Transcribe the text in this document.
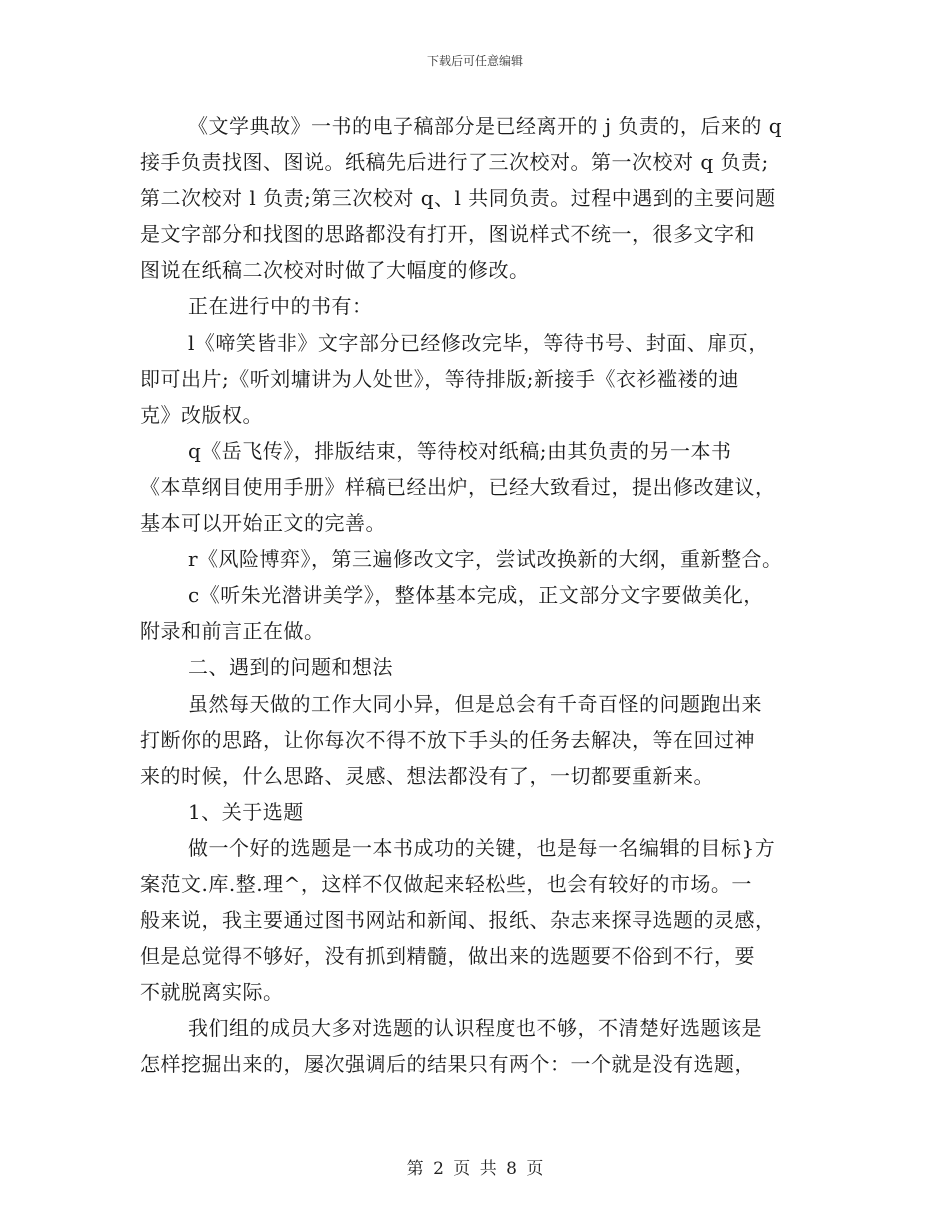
下载后可任意编辑
《文学典故》一书的电子稿部分是已经离开的 j 负责的，后来的 q
接手负责找图、图说。纸稿先后进行了三次校对。第一次校对 q 负责;
第二次校对 l 负责;第三次校对 q、l 共同负责。过程中遇到的主要问题
是文字部分和找图的思路都没有打开，图说样式不统一，很多文字和
图说在纸稿二次校对时做了大幅度的修改。
正在进行中的书有：
l《啼笑皆非》文字部分已经修改完毕，等待书号、封面、扉页，
即可出片;《听刘墉讲为人处世》，等待排版;新接手《衣衫褴褛的迪
克》改版权。
q《岳飞传》，排版结束，等待校对纸稿;由其负责的另一本书
《本草纲目使用手册》样稿已经出炉，已经大致看过，提出修改建议，
基本可以开始正文的完善。
r《风险博弈》，第三遍修改文字，尝试改换新的大纲，重新整合。
c《听朱光潜讲美学》，整体基本完成，正文部分文字要做美化，
附录和前言正在做。
二、遇到的问题和想法
虽然每天做的工作大同小异，但是总会有千奇百怪的问题跑出来
打断你的思路，让你每次不得不放下手头的任务去解决，等在回过神
来的时候，什么思路、灵感、想法都没有了，一切都要重新来。
1、关于选题
做一个好的选题是一本书成功的关键，也是每一名编辑的目标}方
案范文.库.整.理^，这样不仅做起来轻松些，也会有较好的市场。一
般来说，我主要通过图书网站和新闻、报纸、杂志来探寻选题的灵感，
但是总觉得不够好，没有抓到精髓，做出来的选题要不俗到不行，要
不就脱离实际。
我们组的成员大多对选题的认识程度也不够，不清楚好选题该是
怎样挖掘出来的，屡次强调后的结果只有两个：一个就是没有选题，
第 2 页 共 8 页
